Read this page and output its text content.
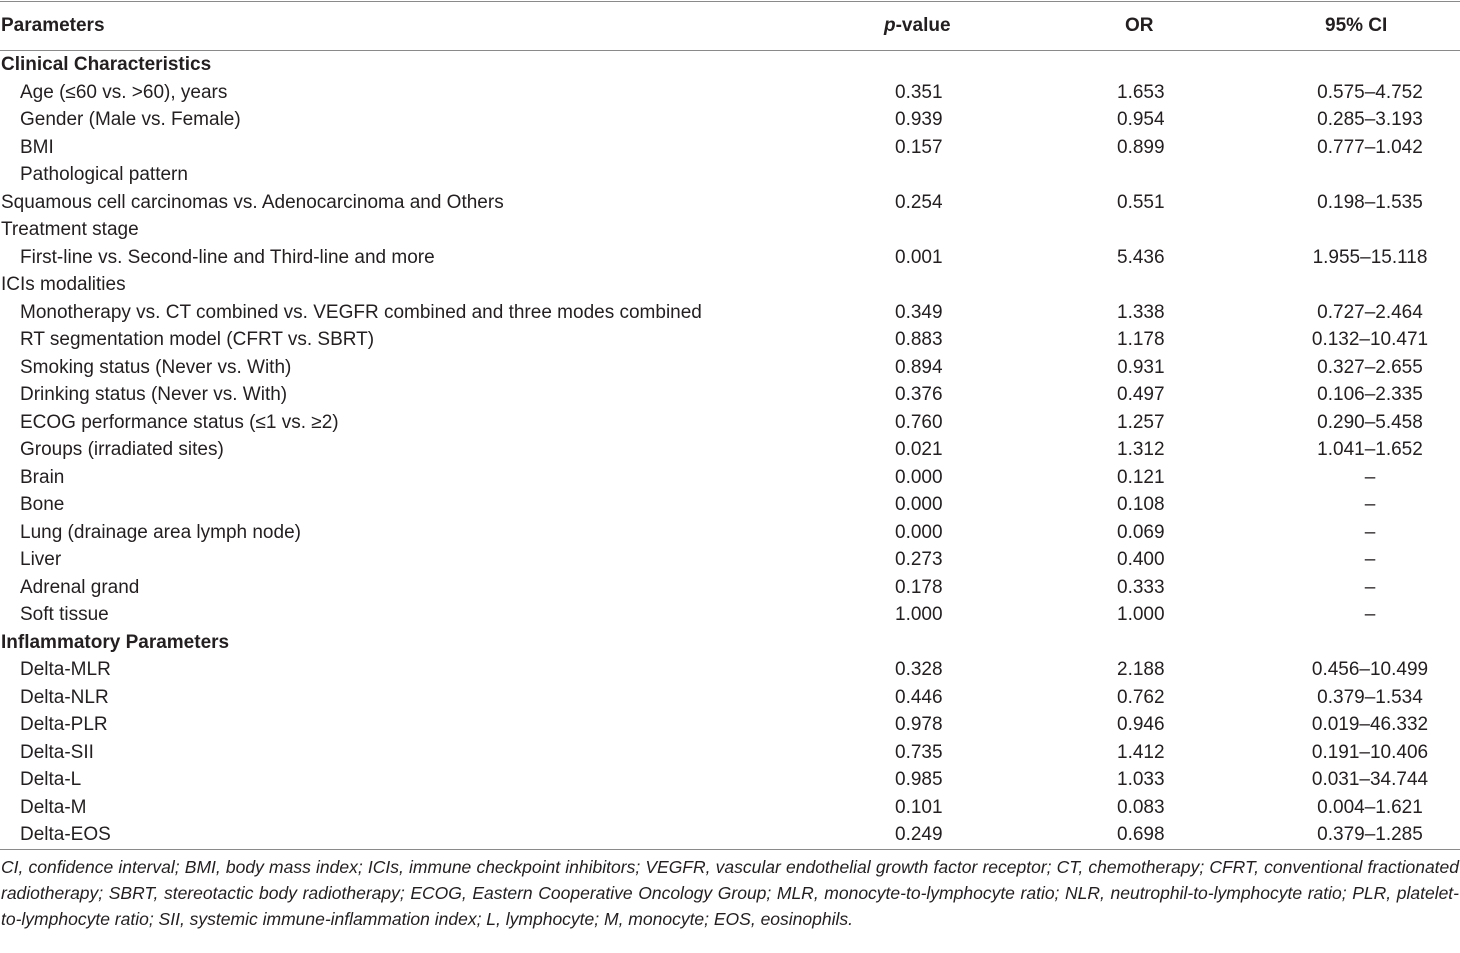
Parameters	p-value	OR	95% CI
Clinical Characteristics			
Age (≤60 vs. >60), years	0.351	1.653	0.575–4.752
Gender (Male vs. Female)	0.939	0.954	0.285–3.193
BMI	0.157	0.899	0.777–1.042
Pathological pattern			
Squamous cell carcinomas vs. Adenocarcinoma and Others	0.254	0.551	0.198–1.535
Treatment stage			
First-line vs. Second-line and Third-line and more	0.001	5.436	1.955–15.118
ICIs modalities			
Monotherapy vs. CT combined vs. VEGFR combined and three modes combined	0.349	1.338	0.727–2.464
RT segmentation model (CFRT vs. SBRT)	0.883	1.178	0.132–10.471
Smoking status (Never vs. With)	0.894	0.931	0.327–2.655
Drinking status (Never vs. With)	0.376	0.497	0.106–2.335
ECOG performance status (≤1 vs. ≥2)	0.760	1.257	0.290–5.458
Groups (irradiated sites)	0.021	1.312	1.041–1.652
Brain	0.000	0.121	–
Bone	0.000	0.108	–
Lung (drainage area lymph node)	0.000	0.069	–
Liver	0.273	0.400	–
Adrenal grand	0.178	0.333	–
Soft tissue	1.000	1.000	–
Inflammatory Parameters			
Delta-MLR	0.328	2.188	0.456–10.499
Delta-NLR	0.446	0.762	0.379–1.534
Delta-PLR	0.978	0.946	0.019–46.332
Delta-SII	0.735	1.412	0.191–10.406
Delta-L	0.985	1.033	0.031–34.744
Delta-M	0.101	0.083	0.004–1.621
Delta-EOS	0.249	0.698	0.379–1.285
CI, confidence interval; BMI, body mass index; ICIs, immune checkpoint inhibitors; VEGFR, vascular endothelial growth factor receptor; CT, chemotherapy; CFRT, conventional fractionated radiotherapy; SBRT, stereotactic body radiotherapy; ECOG, Eastern Cooperative Oncology Group; MLR, monocyte-to-lymphocyte ratio; NLR, neutrophil-to-lymphocyte ratio; PLR, platelet-to-lymphocyte ratio; SII, systemic immune-inflammation index; L, lymphocyte; M, monocyte; EOS, eosinophils.
